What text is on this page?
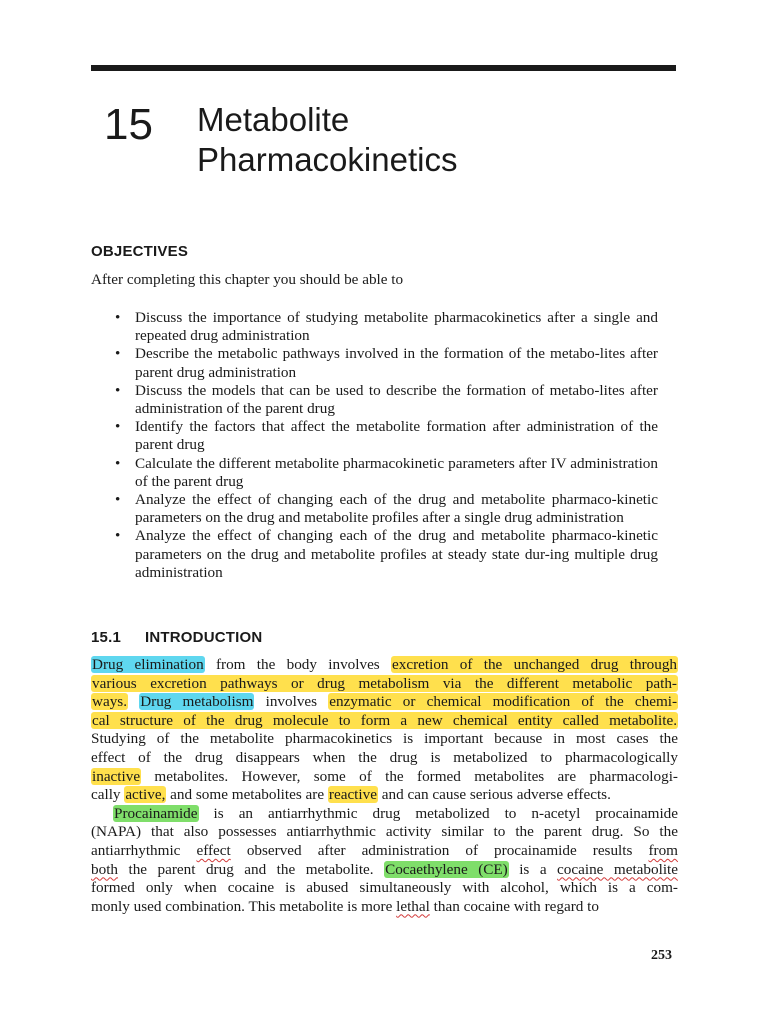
15 Metabolite
Pharmacokinetics
OBJECTIVES
After completing this chapter you should be able to
• Discuss the importance of studying metabolite pharmacokinetics after a single and repeated drug administration
• Describe the metabolic pathways involved in the formation of the metabo-lites after parent drug administration
• Discuss the models that can be used to describe the formation of metabo-lites after administration of the parent drug
• Identify the factors that affect the metabolite formation after administration of the parent drug
• Calculate the different metabolite pharmacokinetic parameters after IV administration of the parent drug
• Analyze the effect of changing each of the drug and metabolite pharmaco-kinetic parameters on the drug and metabolite profiles after a single drug administration
• Analyze the effect of changing each of the drug and metabolite pharmaco-kinetic parameters on the drug and metabolite profiles at steady state dur-ing multiple drug administration
15.1 INTRODUCTION
Drug elimination from the body involves excretion of the unchanged drug through
various excretion pathways or drug metabolism via the different metabolic path-
ways. Drug metabolism involves enzymatic or chemical modification of the chemi-
cal structure of the drug molecule to form a new chemical entity called metabolite.
Studying of the metabolite pharmacokinetics is important because in most cases the
effect of the drug disappears when the drug is metabolized to pharmacologically
inactive metabolites. However, some of the formed metabolites are pharmacologi-
cally active, and some metabolites are reactive and can cause serious adverse effects.
Procainamide is an antiarrhythmic drug metabolized to n-acetyl procainamide
(NAPA) that also possesses antiarrhythmic activity similar to the parent drug. So the
antiarrhythmic effect observed after administration of procainamide results from
both the parent drug and the metabolite. Cocaethylene (CE) is a cocaine metabolite
formed only when cocaine is abused simultaneously with alcohol, which is a com-
monly used combination. This metabolite is more lethal than cocaine with regard to
253
